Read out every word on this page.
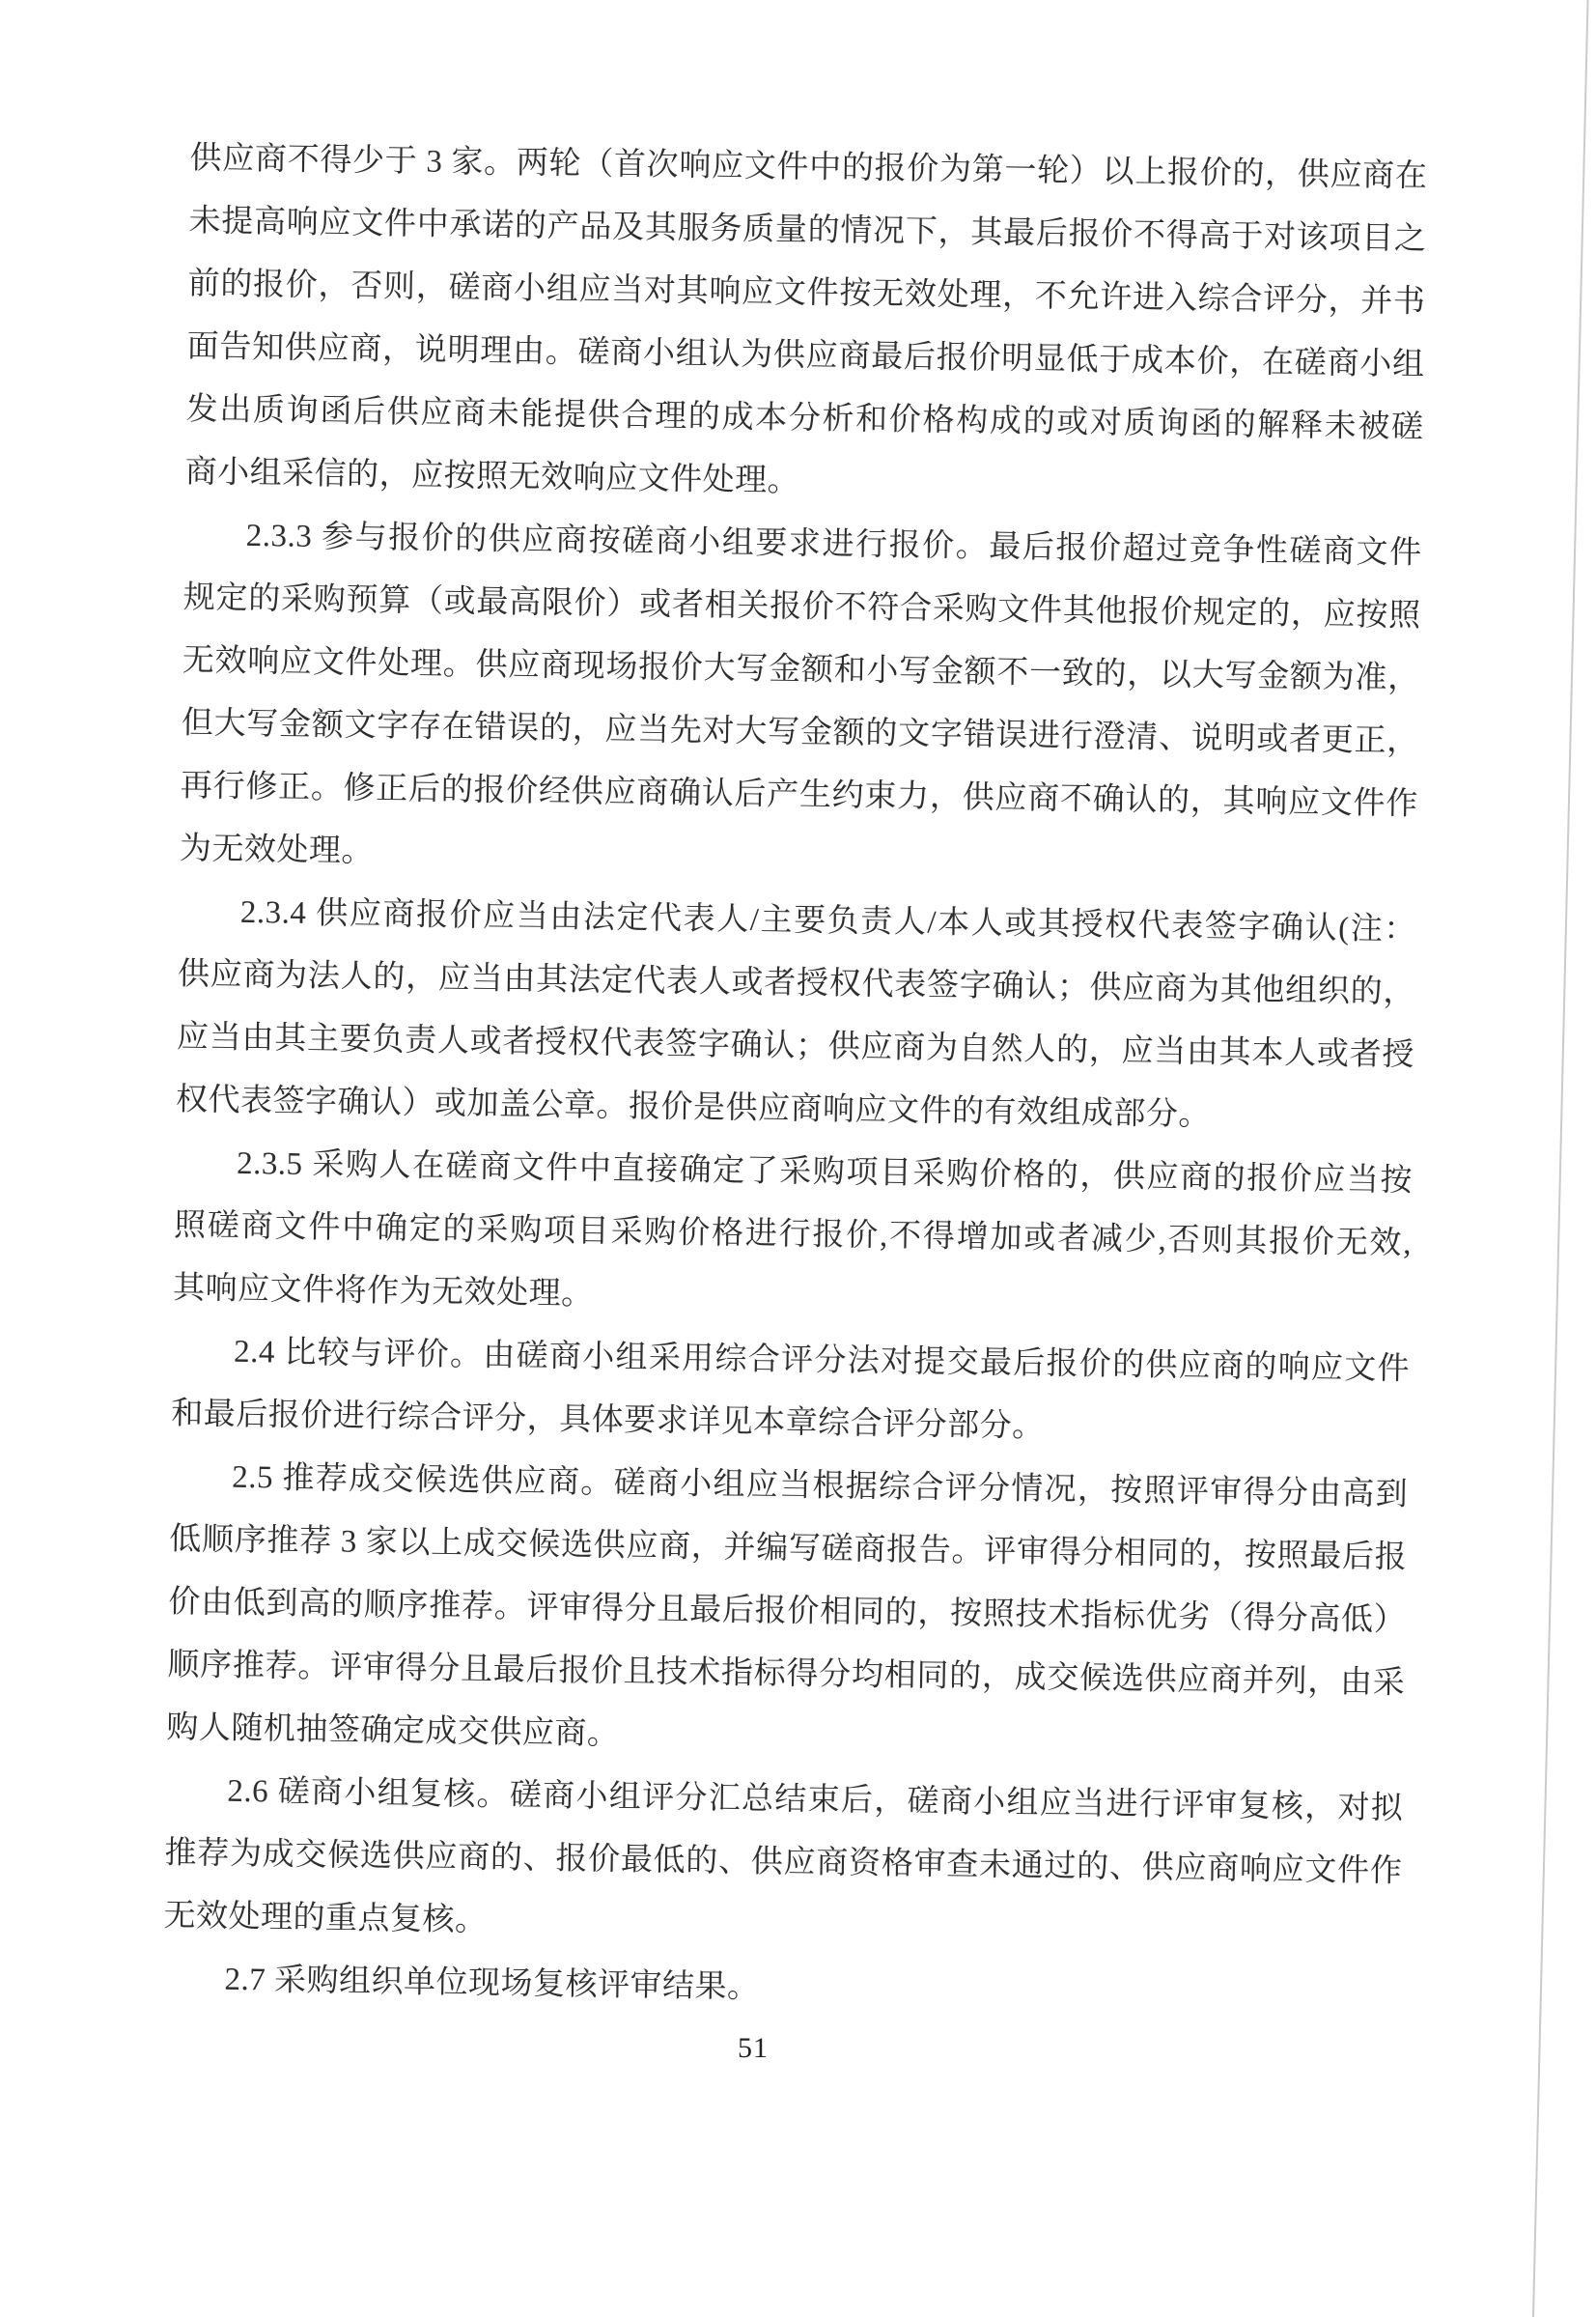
供应商不得少于 3 家。两轮（首次响应文件中的报价为第一轮）以上报价的，供应商在
未提高响应文件中承诺的产品及其服务质量的情况下，其最后报价不得高于对该项目之
前的报价，否则，磋商小组应当对其响应文件按无效处理，不允许进入综合评分，并书
面告知供应商，说明理由。磋商小组认为供应商最后报价明显低于成本价，在磋商小组
发出质询函后供应商未能提供合理的成本分析和价格构成的或对质询函的解释未被磋
商小组采信的，应按照无效响应文件处理。
2.3.3 参与报价的供应商按磋商小组要求进行报价。最后报价超过竞争性磋商文件
规定的采购预算（或最高限价）或者相关报价不符合采购文件其他报价规定的，应按照
无效响应文件处理。供应商现场报价大写金额和小写金额不一致的，以大写金额为准，
但大写金额文字存在错误的，应当先对大写金额的文字错误进行澄清、说明或者更正，
再行修正。修正后的报价经供应商确认后产生约束力，供应商不确认的，其响应文件作
为无效处理。
2.3.4 供应商报价应当由法定代表人/主要负责人/本人或其授权代表签字确认(注：
供应商为法人的，应当由其法定代表人或者授权代表签字确认；供应商为其他组织的，
应当由其主要负责人或者授权代表签字确认；供应商为自然人的，应当由其本人或者授
权代表签字确认）或加盖公章。报价是供应商响应文件的有效组成部分。
2.3.5 采购人在磋商文件中直接确定了采购项目采购价格的，供应商的报价应当按
照磋商文件中确定的采购项目采购价格进行报价,不得增加或者减少,否则其报价无效,
其响应文件将作为无效处理。
2.4 比较与评价。由磋商小组采用综合评分法对提交最后报价的供应商的响应文件
和最后报价进行综合评分，具体要求详见本章综合评分部分。
2.5 推荐成交候选供应商。磋商小组应当根据综合评分情况，按照评审得分由高到
低顺序推荐 3 家以上成交候选供应商，并编写磋商报告。评审得分相同的，按照最后报
价由低到高的顺序推荐。评审得分且最后报价相同的，按照技术指标优劣（得分高低）
顺序推荐。评审得分且最后报价且技术指标得分均相同的，成交候选供应商并列，由采
购人随机抽签确定成交供应商。
2.6 磋商小组复核。磋商小组评分汇总结束后，磋商小组应当进行评审复核，对拟
推荐为成交候选供应商的、报价最低的、供应商资格审查未通过的、供应商响应文件作
无效处理的重点复核。
2.7 采购组织单位现场复核评审结果。
51
